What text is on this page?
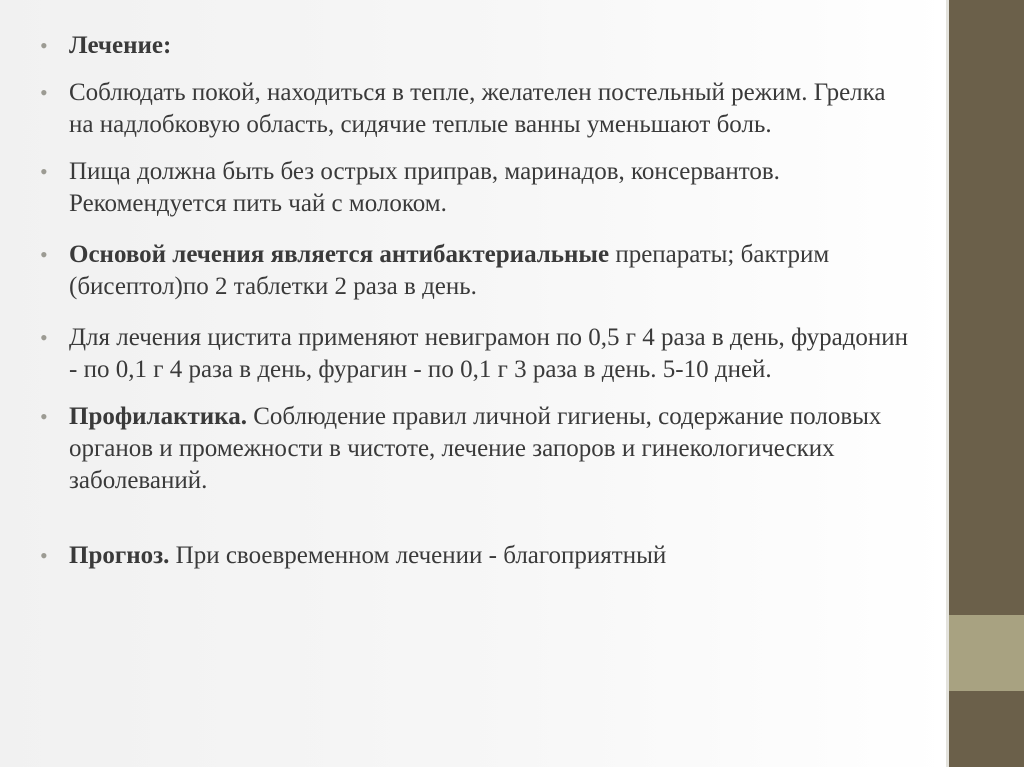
• Лечение:
• Соблюдать покой, находиться в тепле, желателен постельный режим. Грелка на надлобковую область, сидячие теплые ванны уменьшают боль.
• Пища должна быть без острых приправ, маринадов, консервантов. Рекомендуется пить чай с молоком.
• Основой лечения является антибактериальные препараты; бактрим (бисептол)по 2 таблетки 2 раза в день.
• Для лечения цистита применяют невиграмон по 0,5 г 4 раза в день, фурадонин - по 0,1 г 4 раза в день, фурагин - по 0,1 г 3 раза в день. 5-10 дней.
• Профилактика. Соблюдение правил личной гигиены, содержание половых органов и промежности в чистоте, лечение запоров и гинекологических заболеваний.
• Прогноз. При своевременном лечении - благоприятный
